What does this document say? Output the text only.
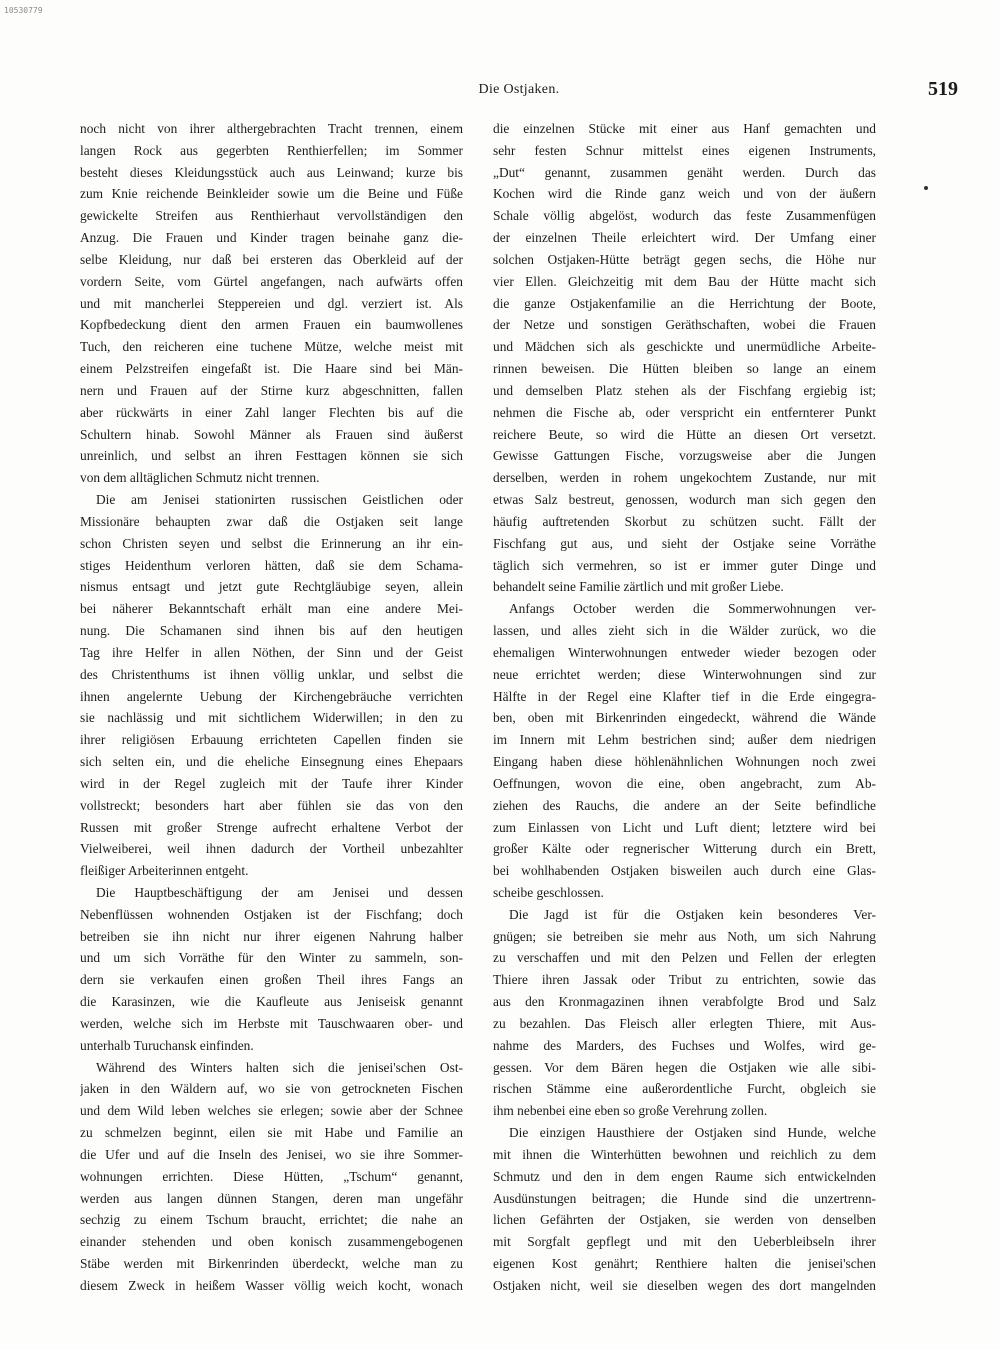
10530779
Die Ostjaken.	519
noch nicht von ihrer althergebrachten Tracht trennen, einem
langen Rock aus gegerbten Renthierfellen; im Sommer
besteht dieses Kleidungsstück auch aus Leinwand; kurze bis
zum Knie reichende Beinkleider sowie um die Beine und Füße
gewickelte Streifen aus Renthierhaut vervollständigen den
Anzug. Die Frauen und Kinder tragen beinahe ganz die-
selbe Kleidung, nur daß bei ersteren das Oberkleid auf der
vordern Seite, vom Gürtel angefangen, nach aufwärts offen
und mit mancherlei Steppereien und dgl. verziert ist. Als
Kopfbedeckung dient den armen Frauen ein baumwollenes
Tuch, den reicheren eine tuchene Mütze, welche meist mit
einem Pelzstreifen eingefaßt ist. Die Haare sind bei Män-
nern und Frauen auf der Stirne kurz abgeschnitten, fallen
aber rückwärts in einer Zahl langer Flechten bis auf die
Schultern hinab. Sowohl Männer als Frauen sind äußerst
unreinlich, und selbst an ihren Festtagen können sie sich
von dem alltäglichen Schmutz nicht trennen.
Die am Jenisei stationirten russischen Geistlichen oder
Missionäre behaupten zwar daß die Ostjaken seit lange
schon Christen seyen und selbst die Erinnerung an ihr ein-
stiges Heidenthum verloren hätten, daß sie dem Schama-
nismus entsagt und jetzt gute Rechtgläubige seyen, allein
bei näherer Bekanntschaft erhält man eine andere Mei-
nung. Die Schamanen sind ihnen bis auf den heutigen
Tag ihre Helfer in allen Nöthen, der Sinn und der Geist
des Christenthums ist ihnen völlig unklar, und selbst die
ihnen angelernte Uebung der Kirchengebräuche verrichten
sie nachlässig und mit sichtlichem Widerwillen; in den zu
ihrer religiösen Erbauung errichteten Capellen finden sie
sich selten ein, und die eheliche Einsegnung eines Ehepaars
wird in der Regel zugleich mit der Taufe ihrer Kinder
vollstreckt; besonders hart aber fühlen sie das von den
Russen mit großer Strenge aufrecht erhaltene Verbot der
Vielweiberei, weil ihnen dadurch der Vortheil unbezahlter
fleißiger Arbeiterinnen entgeht.
Die Hauptbeschäftigung der am Jenisei und dessen
Nebenflüssen wohnenden Ostjaken ist der Fischfang; doch
betreiben sie ihn nicht nur ihrer eigenen Nahrung halber
und um sich Vorräthe für den Winter zu sammeln, son-
dern sie verkaufen einen großen Theil ihres Fangs an
die Karasinzen, wie die Kaufleute aus Jeniseisk genannt
werden, welche sich im Herbste mit Tauschwaaren ober- und
unterhalb Turuchansk einfinden.
Während des Winters halten sich die jenisei'schen Ost-
jaken in den Wäldern auf, wo sie von getrockneten Fischen
und dem Wild leben welches sie erlegen; sowie aber der Schnee
zu schmelzen beginnt, eilen sie mit Habe und Familie an
die Ufer und auf die Inseln des Jenisei, wo sie ihre Sommer-
wohnungen errichten. Diese Hütten, „Tschum“ genannt,
werden aus langen dünnen Stangen, deren man ungefähr
sechzig zu einem Tschum braucht, errichtet; die nahe an
einander stehenden und oben konisch zusammengebogenen
Stäbe werden mit Birkenrinden überdeckt, welche man zu
diesem Zweck in heißem Wasser völlig weich kocht, wonach
die einzelnen Stücke mit einer aus Hanf gemachten und
sehr festen Schnur mittelst eines eigenen Instruments,
„Dut“ genannt, zusammen genäht werden. Durch das
Kochen wird die Rinde ganz weich und von der äußern
Schale völlig abgelöst, wodurch das feste Zusammenfügen
der einzelnen Theile erleichtert wird. Der Umfang einer
solchen Ostjaken-Hütte beträgt gegen sechs, die Höhe nur
vier Ellen. Gleichzeitig mit dem Bau der Hütte macht sich
die ganze Ostjakenfamilie an die Herrichtung der Boote,
der Netze und sonstigen Geräthschaften, wobei die Frauen
und Mädchen sich als geschickte und unermüdliche Arbeite-
rinnen beweisen. Die Hütten bleiben so lange an einem
und demselben Platz stehen als der Fischfang ergiebig ist;
nehmen die Fische ab, oder verspricht ein entfernterer Punkt
reichere Beute, so wird die Hütte an diesen Ort versetzt.
Gewisse Gattungen Fische, vorzugsweise aber die Jungen
derselben, werden in rohem ungekochtem Zustande, nur mit
etwas Salz bestreut, genossen, wodurch man sich gegen den
häufig auftretenden Skorbut zu schützen sucht. Fällt der
Fischfang gut aus, und sieht der Ostjake seine Vorräthe
täglich sich vermehren, so ist er immer guter Dinge und
behandelt seine Familie zärtlich und mit großer Liebe.
Anfangs October werden die Sommerwohnungen ver-
lassen, und alles zieht sich in die Wälder zurück, wo die
ehemaligen Winterwohnungen entweder wieder bezogen oder
neue errichtet werden; diese Winterwohnungen sind zur
Hälfte in der Regel eine Klafter tief in die Erde eingegra-
ben, oben mit Birkenrinden eingedeckt, während die Wände
im Innern mit Lehm bestrichen sind; außer dem niedrigen
Eingang haben diese höhlenähnlichen Wohnungen noch zwei
Oeffnungen, wovon die eine, oben angebracht, zum Ab-
ziehen des Rauchs, die andere an der Seite befindliche
zum Einlassen von Licht und Luft dient; letztere wird bei
großer Kälte oder regnerischer Witterung durch ein Brett,
bei wohlhabenden Ostjaken bisweilen auch durch eine Glas-
scheibe geschlossen.
Die Jagd ist für die Ostjaken kein besonderes Ver-
gnügen; sie betreiben sie mehr aus Noth, um sich Nahrung
zu verschaffen und mit den Pelzen und Fellen der erlegten
Thiere ihren Jassak oder Tribut zu entrichten, sowie das
aus den Kronmagazinen ihnen verabfolgte Brod und Salz
zu bezahlen. Das Fleisch aller erlegten Thiere, mit Aus-
nahme des Marders, des Fuchses und Wolfes, wird ge-
gessen. Vor dem Bären hegen die Ostjaken wie alle sibi-
rischen Stämme eine außerordentliche Furcht, obgleich sie
ihm nebenbei eine eben so große Verehrung zollen.
Die einzigen Hausthiere der Ostjaken sind Hunde, welche
mit ihnen die Winterhütten bewohnen und reichlich zu dem
Schmutz und den in dem engen Raume sich entwickelnden
Ausdünstungen beitragen; die Hunde sind die unzertrenn-
lichen Gefährten der Ostjaken, sie werden von denselben
mit Sorgfalt gepflegt und mit den Ueberbleibseln ihrer
eigenen Kost genährt; Renthiere halten die jenisei'schen
Ostjaken nicht, weil sie dieselben wegen des dort mangelnden
